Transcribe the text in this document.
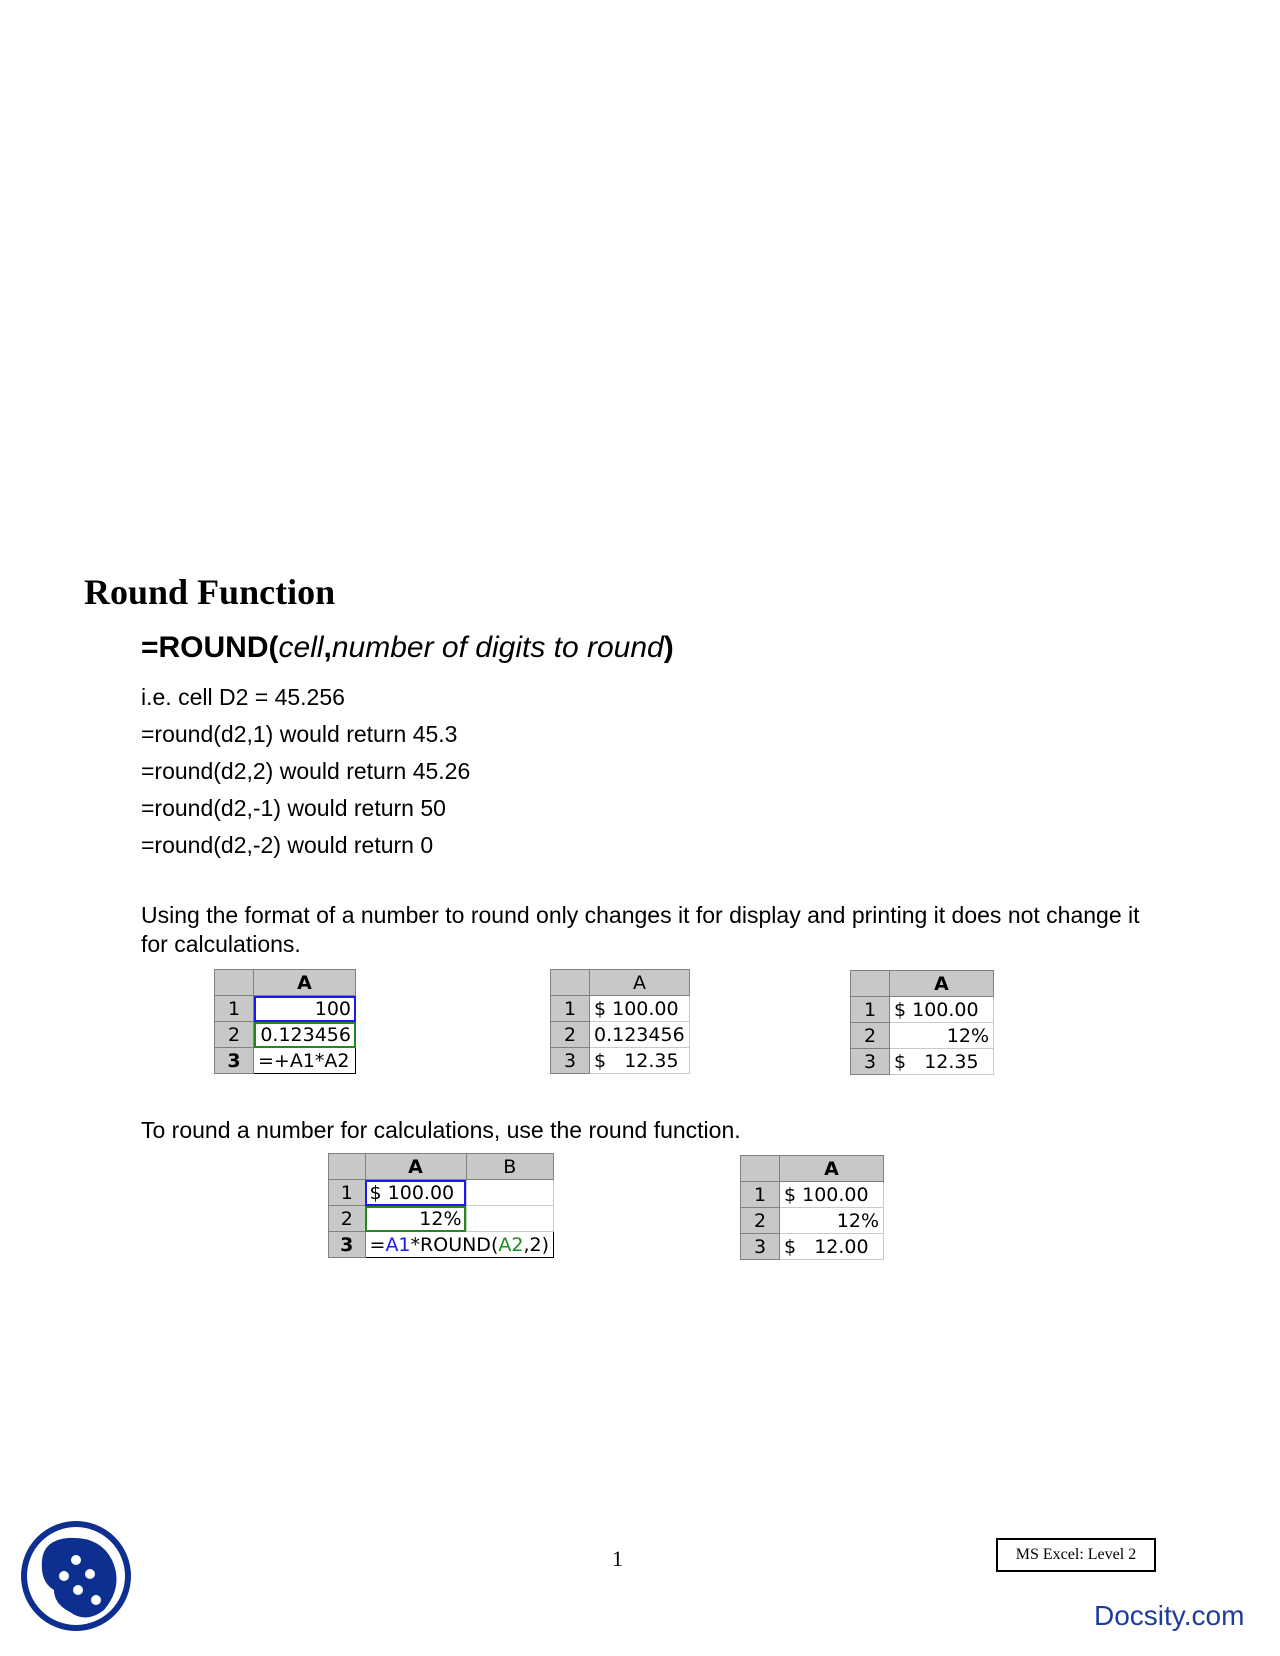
Round Function
=ROUND(cell,number of digits to round)
i.e. cell D2 = 45.256
=round(d2,1) would return 45.3
=round(d2,2) would return 45.26
=round(d2,-1) would return 50
=round(d2,-2) would return 0
Using the format of a number to round only changes it for display and printing it does not change it for calculations.
	A
1	100
2	0.123456
3	=+A1*A2
	A
1	$ 100.00
2	0.123456
3	$   12.35
	A
1	$ 100.00
2	12%
3	$   12.35
To round a number for calculations, use the round function.
	A	B
1	$ 100.00	
2	12%	
3	=A1*ROUND(A2,2)	
	A
1	$ 100.00
2	12%
3	$   12.00
1	MS Excel: Level 2
Docsity.com
